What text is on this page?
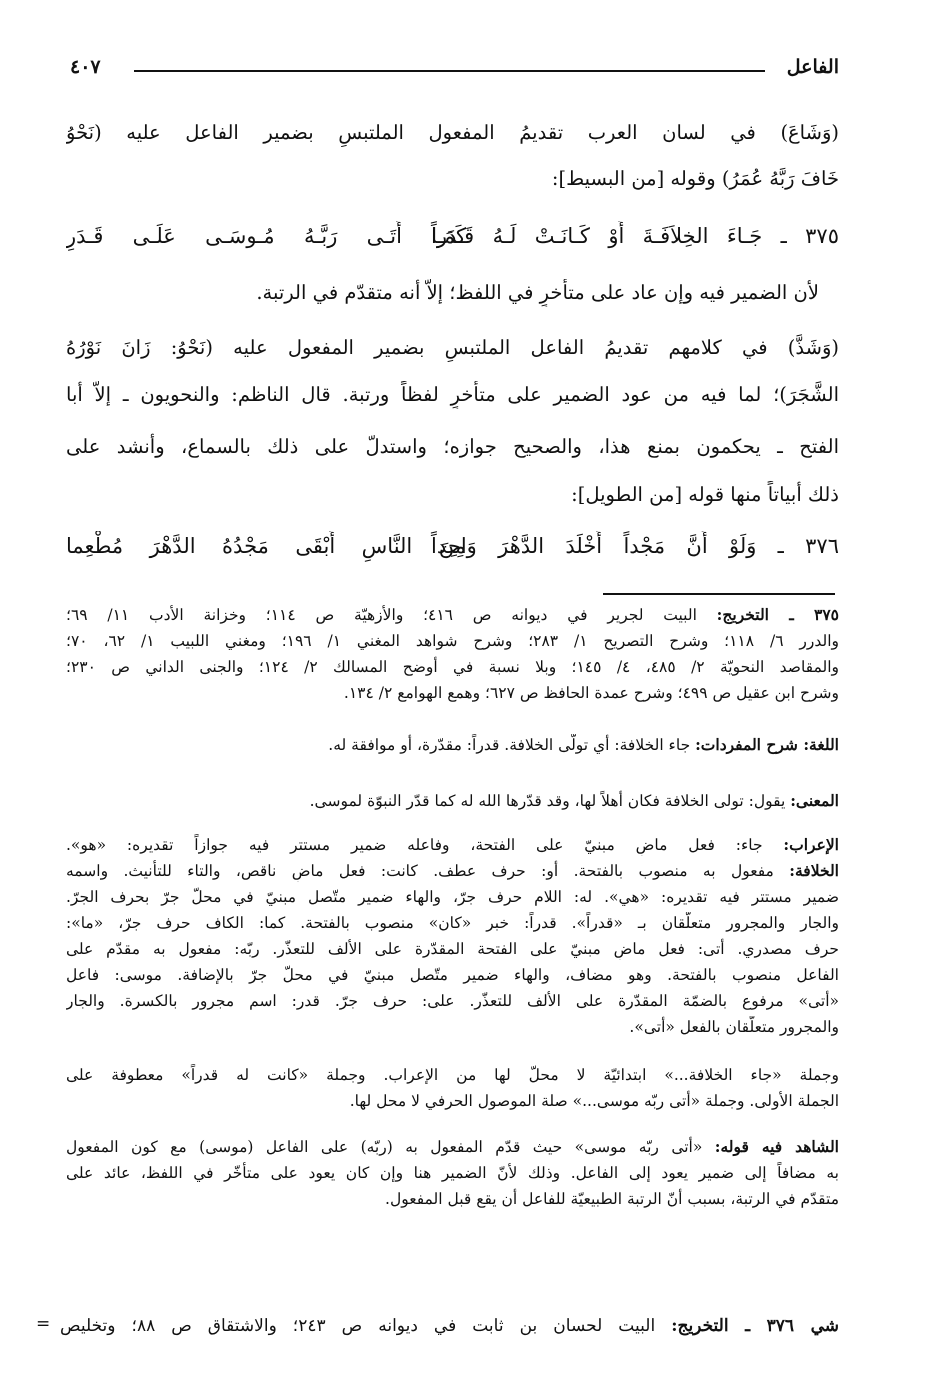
الفاعل
٤٠٧
(وَشَاعَ) في لسان العرب تقديمُ المفعول الملتبسِ بضمير الفاعل عليه (نَحْوُ
خَافَ رَبَّهُ عُمَرُ) وقوله [من البسيط]:
٣٧٥ ـ جَـاءَ الخِلاَفَـةَ أَوْ كَـانَـتْ لَـهُ قَـدَراً
كَمَـا أَتَـى رَبَّـهُ مُـوسَـى عَلَـى قَـدَرِ
لأن الضمير فيه وإن عاد على متأخرٍ في اللفظ؛ إلاّ أنه متقدّم في الرتبة.
(وَشَذَّ) في كلامهم تقديمُ الفاعل الملتبسِ بضمير المفعول عليه (نَحْوُ: زَانَ نَوْرُهُ
الشَّجَرَ)؛ لما فيه من عود الضمير على متأخرٍ لفظاً ورتبة. قال الناظم: والنحويون ـ إلاّ أبا
الفتح ـ يحكمون بمنع هذا، والصحيح جوازه؛ واستدلّ على ذلك بالسماع، وأنشد على
ذلك أبياتاً منها قوله [من الطويل]:
٣٧٦ ـ وَلَوْ أَنَّ مَجْداً أَخْلَدَ الدَّهْرَ وَاحِداً
مِنَ النَّاسِ أَبْقَى مَجْدُهُ الدَّهْرَ مُطْعِما
٣٧٥ ـ التخريج: البيت لجرير في ديوانه ص ٤١٦؛ والأزهيّة ص ١١٤؛ وخزانة الأدب ١١/ ٦٩؛
والدرر ٦/ ١١٨؛ وشرح التصريح ١/ ٢٨٣؛ وشرح شواهد المغني ١/ ١٩٦؛ ومغني اللبيب ١/ ٦٢، ٧٠؛
والمقاصد النحويّة ٢/ ٤٨٥، ٤/ ١٤٥؛ وبلا نسبة في أوضح المسالك ٢/ ١٢٤؛ والجنى الداني ص ٢٣٠؛
وشرح ابن عقيل ص ٤٩٩؛ وشرح عمدة الحافظ ص ٦٢٧؛ وهمع الهوامع ٢/ ١٣٤.
اللغة: شرح المفردات: جاء الخلافة: أي تولّى الخلافة. قدراً: مقدّرة، أو موافقة له.
المعنى: يقول: تولى الخلافة فكان أهلاً لها، وقد قدّرها الله له كما قدّر النبوّة لموسى.
الإعراب: جاء: فعل ماضٍ مبنيّ على الفتحة، وفاعله ضمير مستتر فيه جوازاً تقديره: «هو».
الخلافة: مفعول به منصوب بالفتحة. أو: حرف عطف. كانت: فعل ماضٍ ناقص، والتاء للتأنيث. واسمه
ضمير مستتر فيه تقديره: «هي». له: اللام حرف جرّ، والهاء ضمير متّصل مبنيّ في محلّ جرّ بحرف الجرّ.
والجار والمجرور متعلّقان بـ «قدراً». قدراً: خبر «كان» منصوب بالفتحة. كما: الكاف حرف جرّ، «ما»:
حرف مصدري. أتى: فعل ماضٍ مبنيّ على الفتحة المقدّرة على الألف للتعذّر. ربّه: مفعول به مقدّم على
الفاعل منصوب بالفتحة. وهو مضاف، والهاء ضمير متّصل مبنيّ في محلّ جرّ بالإضافة. موسى: فاعل
«أتى» مرفوع بالضمّة المقدّرة على الألف للتعذّر. على: حرف جرّ. قدر: اسم مجرور بالكسرة. والجار
والمجرور متعلّقان بالفعل «أتى».
وجملة «جاء الخلافة...» ابتدائيّة لا محلّ لها من الإعراب. وجملة «كانت له قدراً» معطوفة على
الجملة الأولى. وجملة «أتى ربّه موسى...» صلة الموصول الحرفي لا محل لها.
الشاهد فيه قوله: «أتى ربّه موسى» حيث قدّم المفعول به (ربّه) على الفاعل (موسى) مع كون المفعول
به مضافاً إلى ضمير يعود إلى الفاعل. وذلك لأنّ الضمير هنا وإن كان يعود على متأخّر في اللفظ، عائد على
متقدّم في الرتبة، بسبب أنّ الرتبة الطبيعيّة للفاعل أن يقع قبل المفعول.
شي ٣٧٦ ـ التخريج: البيت لحسان بن ثابت في ديوانه ص ٢٤٣؛ والاشتقاق ص ٨٨؛ وتخليص
=
